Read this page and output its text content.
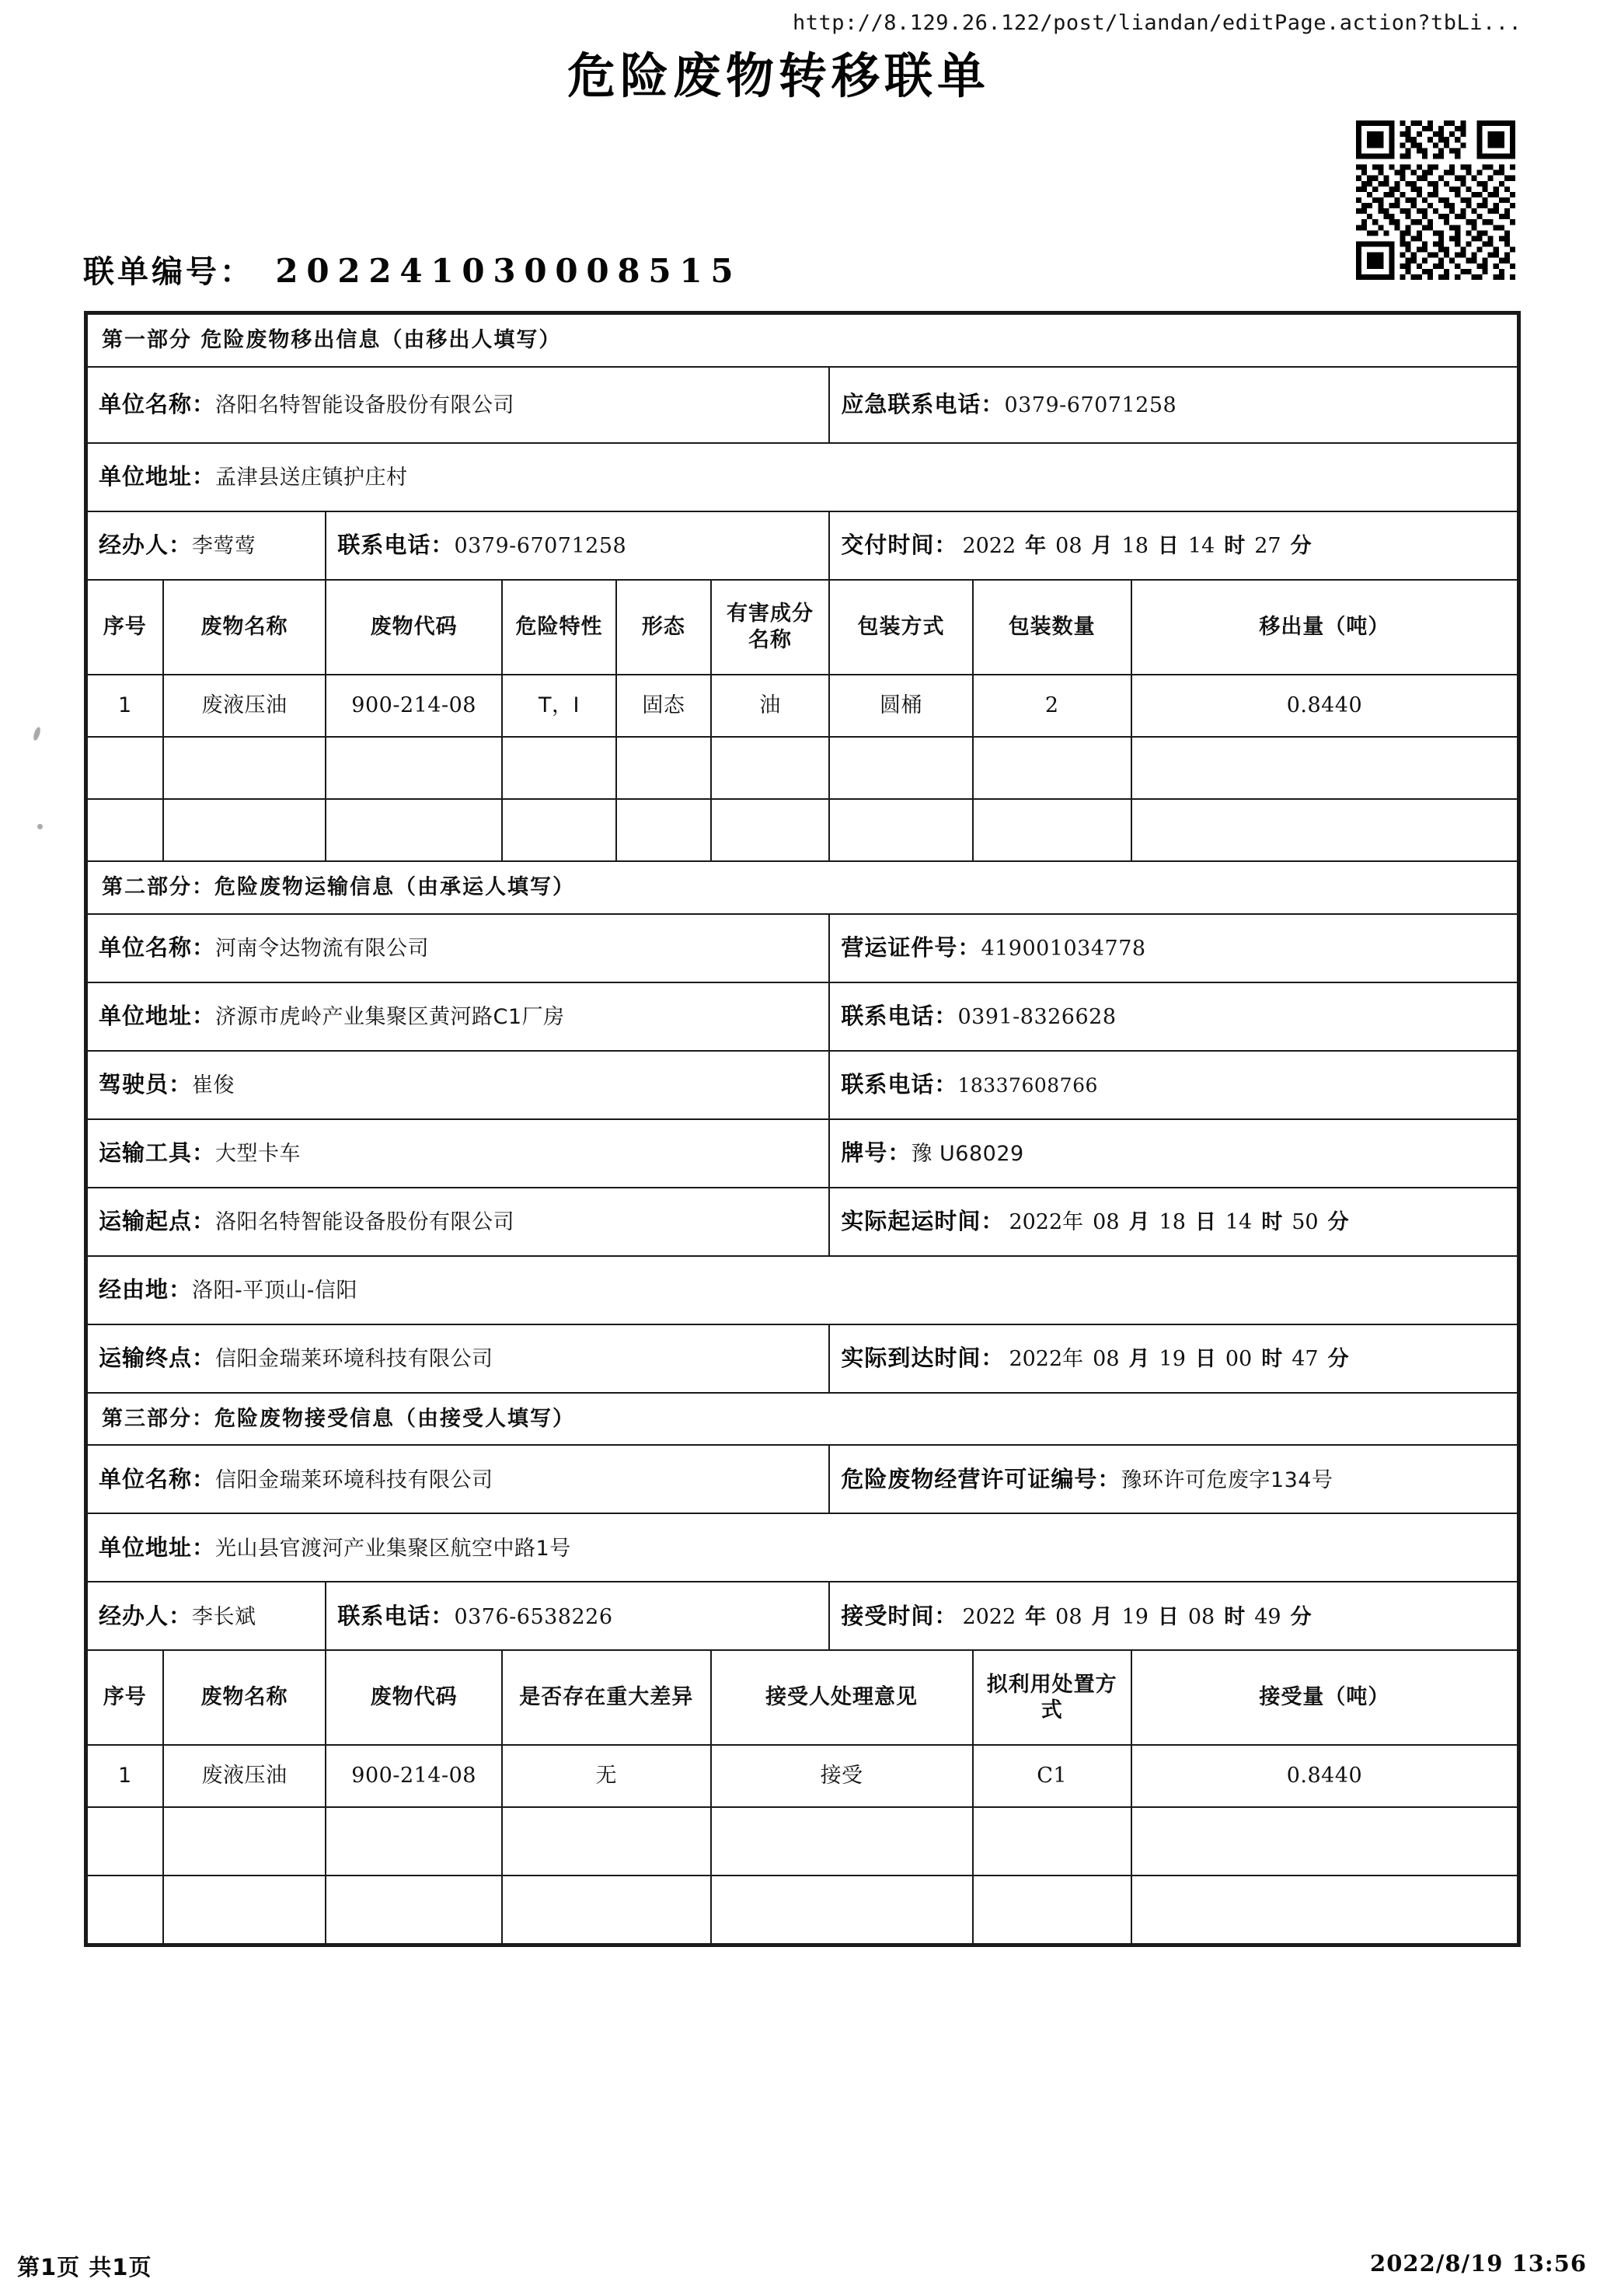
http://8.129.26.122/post/liandan/editPage.action?tbLi...
危险废物转移联单
联单编号： 2 0 2 2 4 1 0 3 0 0 0 8 5 1 5
第一部分 危险废物移出信息（由移出人填写）								
单位名称：洛阳名特智能设备股份有限公司						应急联系电话：0379-67071258		
单位地址：孟津县送庄镇护庄村								
经办人：李莺莺		联系电话：0379-67071258				交付时间： 2022 年 08 月 18 日 14 时 27 分		
序号	废物名称	废物代码	危险特性	形态	有害成分名称	包装方式	包装数量	移出量（吨）
1	废液压油	900-214-08	T，I	固态	油	圆桶	2	0.8440

第二部分：危险废物运输信息（由承运人填写）								
单位名称：河南令达物流有限公司						营运证件号：419001034778		
单位地址：济源市虎岭产业集聚区黄河路C1厂房						联系电话：0391-8326628		
驾驶员：崔俊						联系电话：18337608766		
运输工具：大型卡车						牌号：豫 U68029		
运输起点：洛阳名特智能设备股份有限公司						实际起运时间： 2022年 08 月 18 日 14 时 50 分		
经由地：洛阳-平顶山-信阳								
运输终点：信阳金瑞莱环境科技有限公司						实际到达时间： 2022年 08 月 19 日 00 时 47 分		
第三部分：危险废物接受信息（由接受人填写）								
单位名称：信阳金瑞莱环境科技有限公司						危险废物经营许可证编号：豫环许可危废字134号		
单位地址：光山县官渡河产业集聚区航空中路1号								
经办人：李长斌		联系电话：0376-6538226				接受时间： 2022 年 08 月 19 日 08 时 49 分		
序号	废物名称	废物代码	是否存在重大差异		接受人处理意见		拟利用处置方式	接受量（吨）
1	废液压油	900-214-08	无		接受		C1	0.8440

第1页 共1页	2022/8/19 13:56
